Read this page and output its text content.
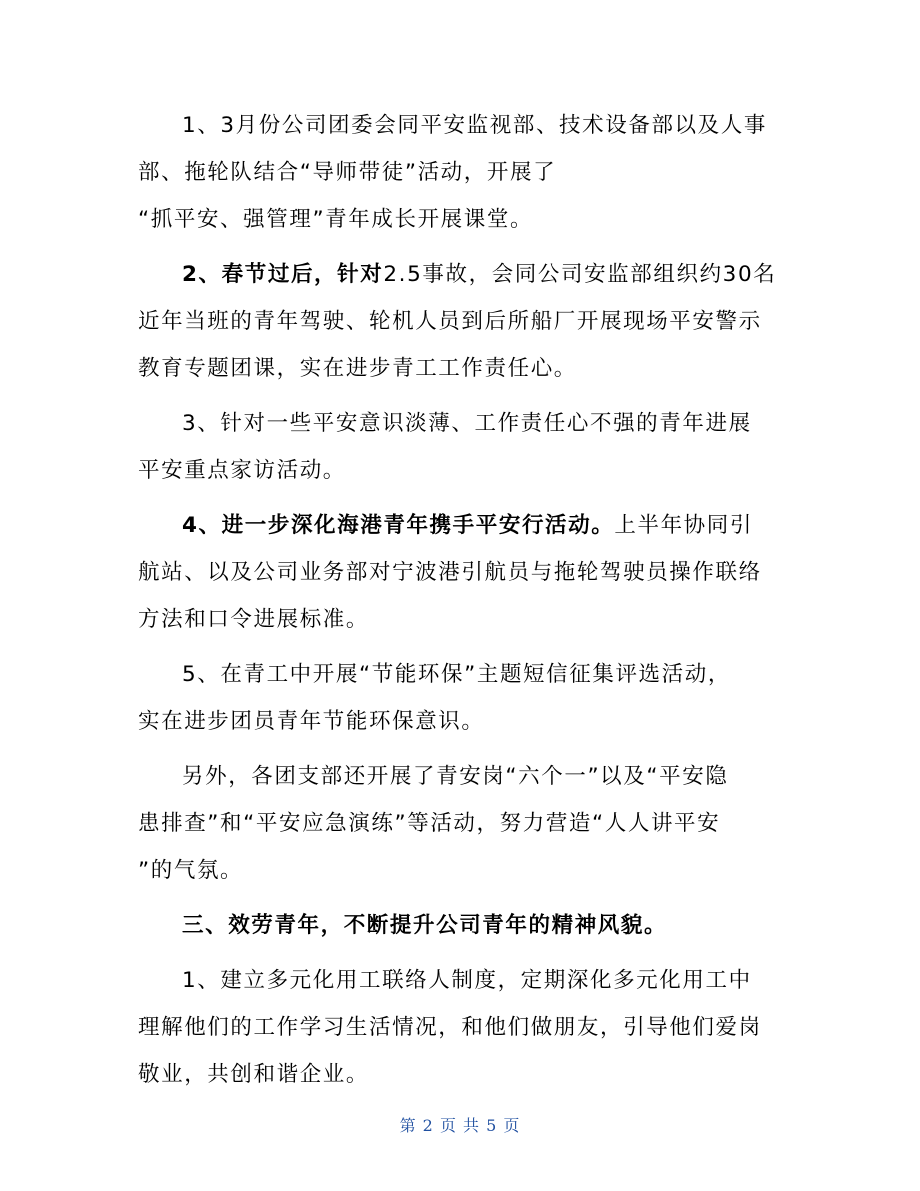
1、3月份公司团委会同平安监视部、技术设备部以及人事
部、拖轮队结合“导师带徒”活动，开展了
“抓平安、强管理”青年成长开展课堂。

2、春节过后，针对2.5事故，会同公司安监部组织约30名
近年当班的青年驾驶、轮机人员到后所船厂开展现场平安警示
教育专题团课，实在进步青工工作责任心。

3、针对一些平安意识淡薄、工作责任心不强的青年进展
平安重点家访活动。

4、进一步深化海港青年携手平安行活动。上半年协同引
航站、以及公司业务部对宁波港引航员与拖轮驾驶员操作联络
方法和口令进展标准。

5、在青工中开展“节能环保”主题短信征集评选活动，
实在进步团员青年节能环保意识。

另外，各团支部还开展了青安岗“六个一”以及“平安隐
患排查”和“平安应急演练”等活动，努力营造“人人讲平安
”的气氛。

三、效劳青年，不断提升公司青年的精神风貌。

1、建立多元化用工联络人制度，定期深化多元化用工中
理解他们的工作学习生活情况，和他们做朋友，引导他们爱岗
敬业，共创和谐企业。

第 2 页 共 5 页
